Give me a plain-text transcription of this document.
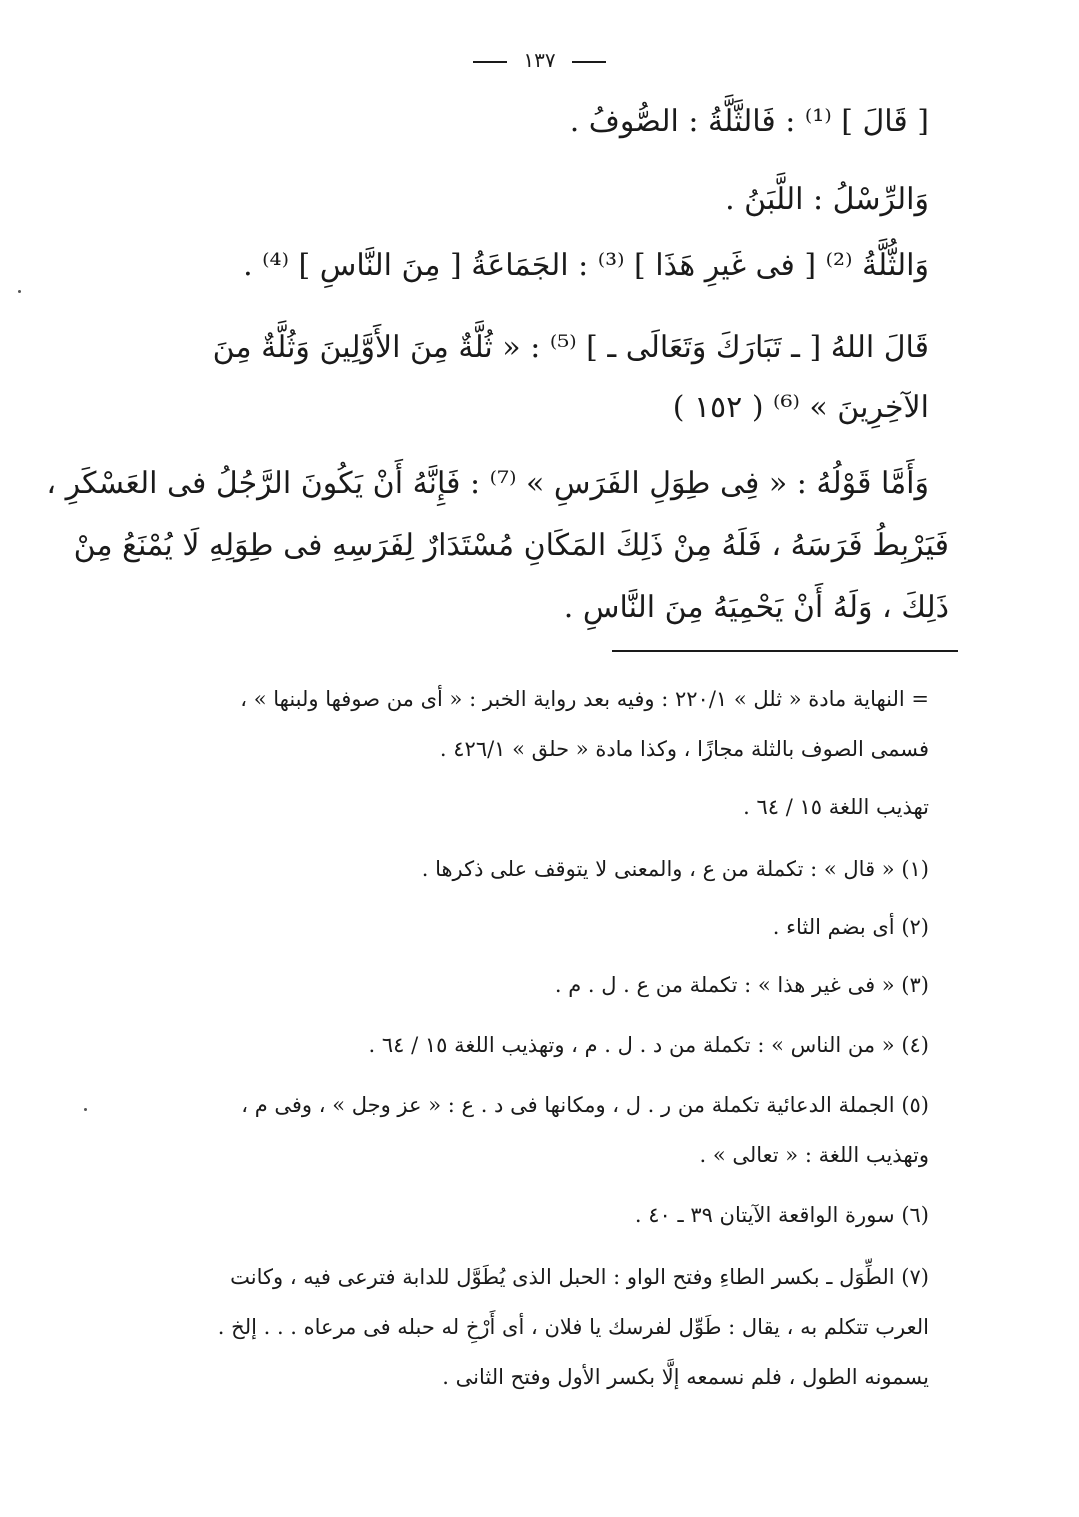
١٣٧
[ قَالَ ] ⁽¹⁾ : فَالثَّلَّةُ : الصُّوفُ .
وَالرِّسْلُ : اللَّبَنُ .
وَالثُّلَّةُ ⁽²⁾ [ فى غَيرِ هَذَا ] ⁽³⁾ : الجَمَاعَةُ [ مِنَ النَّاسِ ] ⁽⁴⁾ .
قَالَ اللهُ [ ـ تَبَارَكَ وَتَعَالَى ـ ] ⁽⁵⁾ : « ثُلَّةٌ مِنَ الأَوَّلِينَ وَثُلَّةٌ مِنَ
الآخِرِينَ » ⁽⁶⁾ ( ١٥٢ )
وَأَمَّا قَوْلُهُ : « فِى طِوَلِ الفَرَسِ » ⁽⁷⁾ : فَإِنَّهُ أَنْ يَكُونَ الرَّجُلُ فى العَسْكَرِ ،
فَيَرْبِطُ فَرَسَهُ ، فَلَهُ مِنْ ذَلِكَ المَكَانِ مُسْتَدَارٌ لِفَرَسِهِ فى طِوَلِهِ لَا يُمْنَعُ مِنْ
ذَلِكَ ، وَلَهُ أَنْ يَحْمِيَهُ مِنَ النَّاسِ .
= النهاية مادة « ثلل » ٢٢٠/١ : وفيه بعد رواية الخبر : « أى من صوفها ولبنها » ،
فسمى الصوف بالثلة مجازًا ، وكذا مادة « حلق » ٤٢٦/١ .
تهذيب اللغة ١٥ / ٦٤ .
(١) « قال » : تكملة من ع ، والمعنى لا يتوقف على ذكرها .
(٢) أى بضم الثاء .
(٣) « فى غير هذا » : تكملة من ع . ل . م .
(٤) « من الناس » : تكملة من د . ل . م ، وتهذيب اللغة ١٥ / ٦٤ .
(٥) الجملة الدعائية تكملة من ر . ل ، ومكانها فى د . ع : « عز وجل » ، وفى م ،
وتهذيب اللغة : « تعالى » .
(٦) سورة الواقعة الآيتان ٣٩ ـ ٤٠ .
(٧) الطِّوَل ـ بكسر الطاءِ وفتح الواو : الحبل الذى يُطَوَّل للدابة فترعى فيه ، وكانت
العرب تتكلم به ، يقال : طَوِّل لفرسك يا فلان ، أى أَرْخِ له حبله فى مرعاه . . . إلخ .
يسمونه الطول ، فلم نسمعه إلَّا بكسر الأول وفتح الثانى .
